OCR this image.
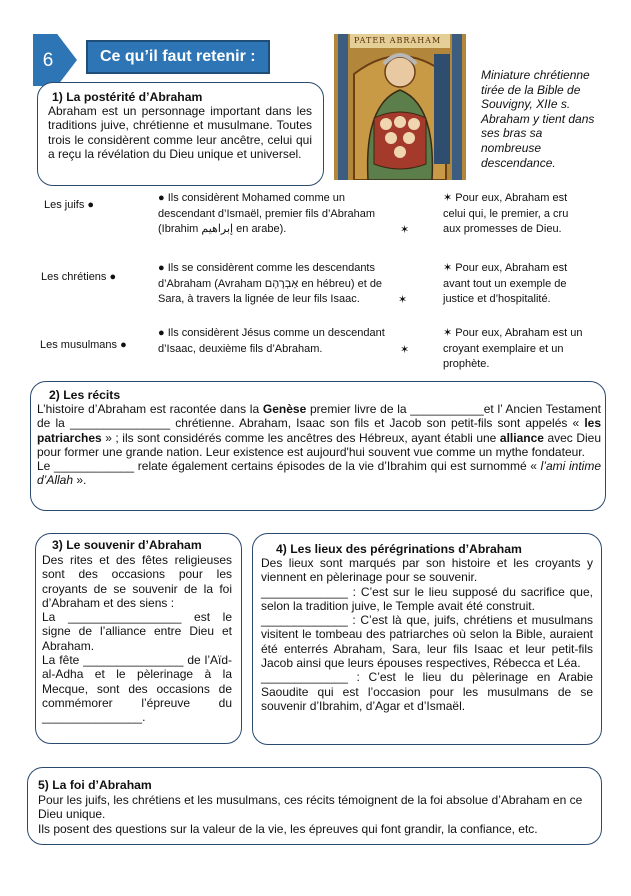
6	Ce qu’il faut retenir :
PATER ABRAHAM
Miniature chrétienne tirée de la Bible de Souvigny, XIIe s. Abraham y tient dans ses bras sa nombreuse descendance.
1) La postérité d’Abraham
Abraham est un personnage important dans les traditions juive, chrétienne et musulmane. Toutes trois le considèrent comme leur ancêtre, celui qui a reçu la révélation du Dieu unique et universel.
Les juifs ●
● Ils considèrent Mohamed comme un descendant d’Ismaël, premier fils d’Abraham (Ibrahim إبراهيم en arabe).	✶
✶ Pour eux, Abraham est celui qui, le premier, a cru aux promesses de Dieu.
Les chrétiens ●
● Ils se considèrent comme les descendants d’Abraham (Avraham אַבְרָהָם en hébreu) et de Sara, à travers la lignée de leur fils Isaac.	✶
✶ Pour eux, Abraham est avant tout un exemple de justice et d’hospitalité.
Les musulmans ●
● Ils considèrent Jésus comme un descendant d’Isaac, deuxième fils d’Abraham.	✶
✶ Pour eux, Abraham est un croyant exemplaire et un prophète.
2) Les récits
L’histoire d’Abraham est racontée dans la Genèse premier livre de la ___________et l’ Ancien Testament de la _______________ chrétienne. Abraham, Isaac son fils et Jacob son petit-fils sont appelés « les patriarches » ; ils sont considérés comme les ancêtres des Hébreux, ayant établi une alliance avec Dieu pour former une grande nation. Leur existence est aujourd'hui souvent vue comme un mythe fondateur.
Le ____________ relate également certains épisodes de la vie d’Ibrahim qui est surnommé « l’ami intime d’Allah ».
3) Le souvenir d’Abraham
Des rites et des fêtes religieuses sont des occasions pour les croyants de se souvenir de la foi d’Abraham et des siens :
La _________________ est le signe de l’alliance entre Dieu et Abraham.
La fête _______________ de l’Aïd-al-Adha et le pèlerinage à la Mecque, sont des occasions de commémorer l’épreuve du _______________.
4) Les lieux des pérégrinations d’Abraham
Des lieux sont marqués par son histoire et les croyants y viennent en pèlerinage pour se souvenir.
_____________ : C’est sur le lieu supposé du sacrifice que, selon la tradition juive, le Temple avait été construit.
_____________ : C’est là que, juifs, chrétiens et musulmans visitent le tombeau des patriarches où selon la Bible, auraient été enterrés Abraham, Sara, leur fils Isaac et leur petit-fils Jacob ainsi que leurs épouses respectives, Rébecca et Léa.
_____________ : C’est le lieu du pèlerinage en Arabie Saoudite qui est l’occasion pour les musulmans de se souvenir d’Ibrahim, d’Agar et d’Ismaël.
5) La foi d’Abraham
Pour les juifs, les chrétiens et les musulmans, ces récits témoignent de la foi absolue d’Abraham en ce Dieu unique.
Ils posent des questions sur la valeur de la vie, les épreuves qui font grandir, la confiance, etc.
